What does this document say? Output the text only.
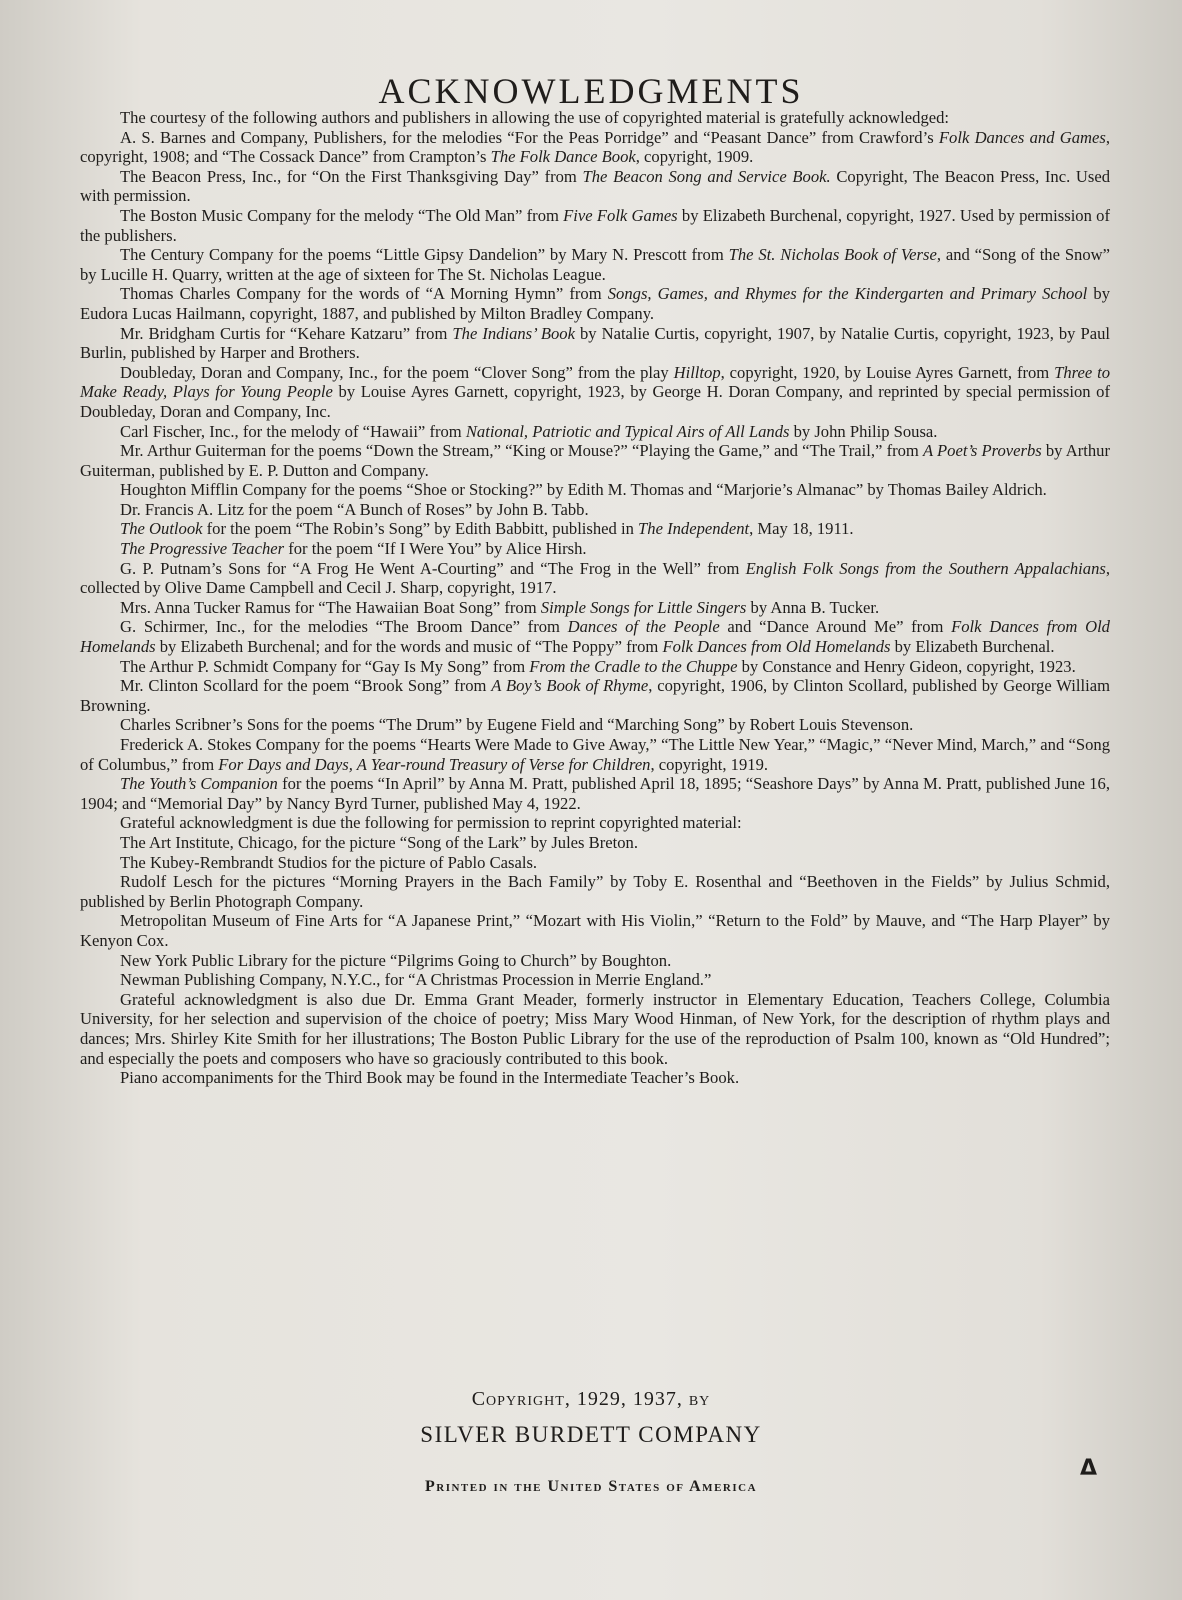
ACKNOWLEDGMENTS

The courtesy of the following authors and publishers in allowing the use of copyrighted material is gratefully acknowledged:

A. S. Barnes and Company, Publishers, for the melodies “For the Peas Porridge” and “Peasant Dance” from Crawford’s Folk Dances and Games, copyright, 1908; and “The Cossack Dance” from Crampton’s The Folk Dance Book, copyright, 1909.

The Beacon Press, Inc., for “On the First Thanksgiving Day” from The Beacon Song and Service Book. Copyright, The Beacon Press, Inc. Used with permission.

The Boston Music Company for the melody “The Old Man” from Five Folk Games by Elizabeth Burchenal, copyright, 1927. Used by permission of the publishers.

The Century Company for the poems “Little Gipsy Dandelion” by Mary N. Prescott from The St. Nicholas Book of Verse, and “Song of the Snow” by Lucille H. Quarry, written at the age of sixteen for The St. Nicholas League.

Thomas Charles Company for the words of “A Morning Hymn” from Songs, Games, and Rhymes for the Kindergarten and Primary School by Eudora Lucas Hailmann, copyright, 1887, and published by Milton Bradley Company.

Mr. Bridgham Curtis for “Kehare Katzaru” from The Indians’ Book by Natalie Curtis, copyright, 1907, by Natalie Curtis, copyright, 1923, by Paul Burlin, published by Harper and Brothers.

Doubleday, Doran and Company, Inc., for the poem “Clover Song” from the play Hilltop, copyright, 1920, by Louise Ayres Garnett, from Three to Make Ready, Plays for Young People by Louise Ayres Garnett, copyright, 1923, by George H. Doran Company, and reprinted by special permission of Doubleday, Doran and Company, Inc.

Carl Fischer, Inc., for the melody of “Hawaii” from National, Patriotic and Typical Airs of All Lands by John Philip Sousa.

Mr. Arthur Guiterman for the poems “Down the Stream,” “King or Mouse?” “Playing the Game,” and “The Trail,” from A Poet’s Proverbs by Arthur Guiterman, published by E. P. Dutton and Company.

Houghton Mifflin Company for the poems “Shoe or Stocking?” by Edith M. Thomas and “Marjorie’s Almanac” by Thomas Bailey Aldrich.

Dr. Francis A. Litz for the poem “A Bunch of Roses” by John B. Tabb.

The Outlook for the poem “The Robin’s Song” by Edith Babbitt, published in The Independent, May 18, 1911.

The Progressive Teacher for the poem “If I Were You” by Alice Hirsh.

G. P. Putnam’s Sons for “A Frog He Went A-Courting” and “The Frog in the Well” from English Folk Songs from the Southern Appalachians, collected by Olive Dame Campbell and Cecil J. Sharp, copyright, 1917.

Mrs. Anna Tucker Ramus for “The Hawaiian Boat Song” from Simple Songs for Little Singers by Anna B. Tucker.

G. Schirmer, Inc., for the melodies “The Broom Dance” from Dances of the People and “Dance Around Me” from Folk Dances from Old Homelands by Elizabeth Burchenal; and for the words and music of “The Poppy” from Folk Dances from Old Homelands by Elizabeth Burchenal.

The Arthur P. Schmidt Company for “Gay Is My Song” from From the Cradle to the Chuppe by Constance and Henry Gideon, copyright, 1923.

Mr. Clinton Scollard for the poem “Brook Song” from A Boy’s Book of Rhyme, copyright, 1906, by Clinton Scollard, published by George William Browning.

Charles Scribner’s Sons for the poems “The Drum” by Eugene Field and “Marching Song” by Robert Louis Stevenson.

Frederick A. Stokes Company for the poems “Hearts Were Made to Give Away,” “The Little New Year,” “Magic,” “Never Mind, March,” and “Song of Columbus,” from For Days and Days, A Year-round Treasury of Verse for Children, copyright, 1919.

The Youth’s Companion for the poems “In April” by Anna M. Pratt, published April 18, 1895; “Seashore Days” by Anna M. Pratt, published June 16, 1904; and “Memorial Day” by Nancy Byrd Turner, published May 4, 1922.

Grateful acknowledgment is due the following for permission to reprint copyrighted material:

The Art Institute, Chicago, for the picture “Song of the Lark” by Jules Breton.

The Kubey-Rembrandt Studios for the picture of Pablo Casals.

Rudolf Lesch for the pictures “Morning Prayers in the Bach Family” by Toby E. Rosenthal and “Beethoven in the Fields” by Julius Schmid, published by Berlin Photograph Company.

Metropolitan Museum of Fine Arts for “A Japanese Print,” “Mozart with His Violin,” “Return to the Fold” by Mauve, and “The Harp Player” by Kenyon Cox.

New York Public Library for the picture “Pilgrims Going to Church” by Boughton.

Newman Publishing Company, N.Y.C., for “A Christmas Procession in Merrie England.”

Grateful acknowledgment is also due Dr. Emma Grant Meader, formerly instructor in Elementary Education, Teachers College, Columbia University, for her selection and supervision of the choice of poetry; Miss Mary Wood Hinman, of New York, for the description of rhythm plays and dances; Mrs. Shirley Kite Smith for her illustrations; The Boston Public Library for the use of the reproduction of Psalm 100, known as “Old Hundred”; and especially the poets and composers who have so graciously contributed to this book.

Piano accompaniments for the Third Book may be found in the Intermediate Teacher’s Book.

Copyright, 1929, 1937, by
SILVER BURDETT COMPANY
Printed in the United States of America
Δ
